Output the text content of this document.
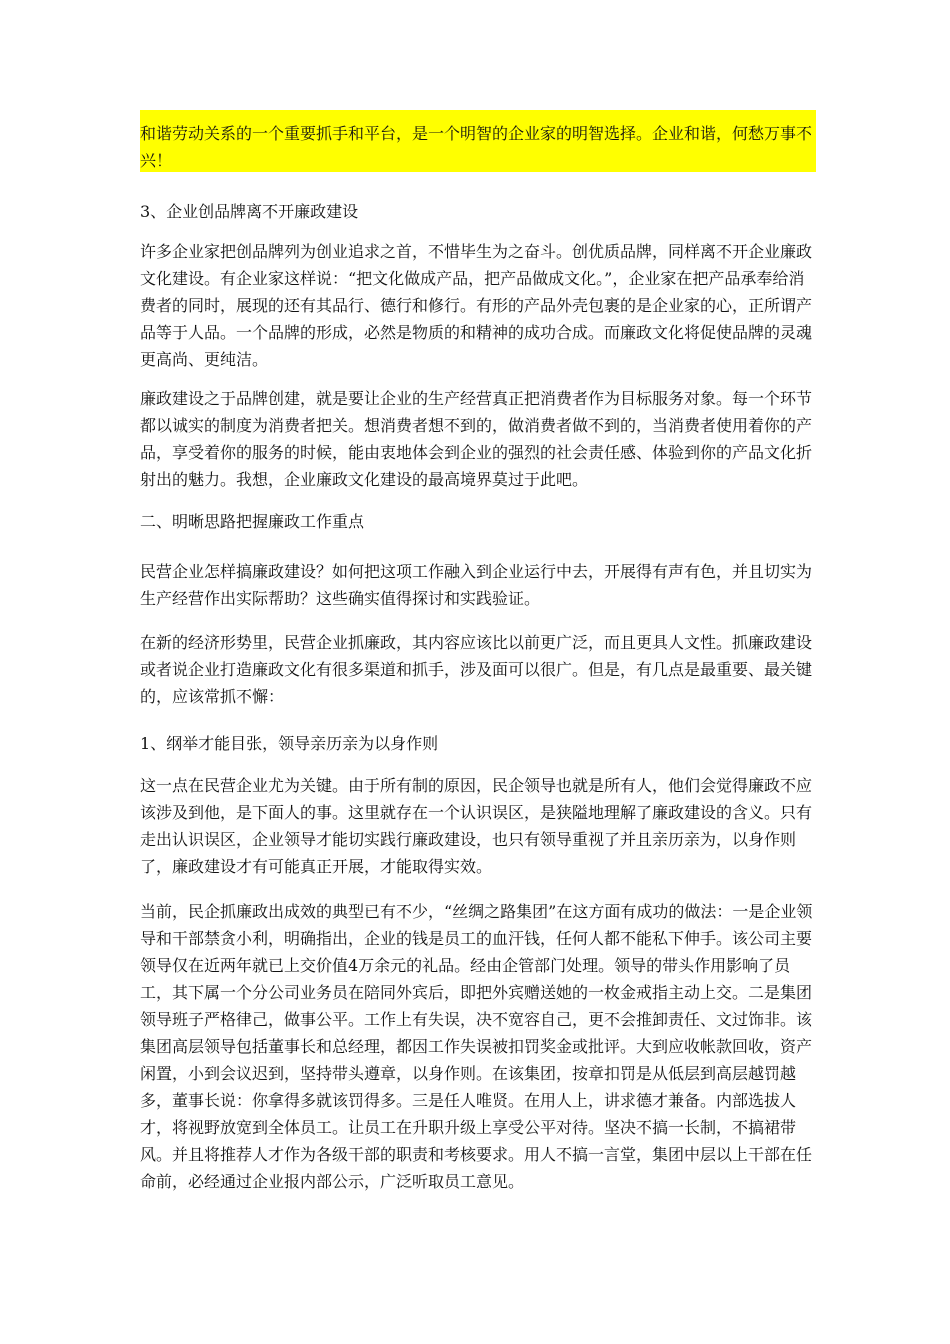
和谐劳动关系的一个重要抓手和平台，是一个明智的企业家的明智选择。企业和谐，何愁万事不兴！

3、企业创品牌离不开廉政建设

许多企业家把创品牌列为创业追求之首，不惜毕生为之奋斗。创优质品牌，同样离不开企业廉政文化建设。有企业家这样说：“把文化做成产品，把产品做成文化。”，企业家在把产品承奉给消费者的同时，展现的还有其品行、德行和修行。有形的产品外壳包裹的是企业家的心，正所谓产品等于人品。一个品牌的形成，必然是物质的和精神的成功合成。而廉政文化将促使品牌的灵魂更高尚、更纯洁。

廉政建设之于品牌创建，就是要让企业的生产经营真正把消费者作为目标服务对象。每一个环节都以诚实的制度为消费者把关。想消费者想不到的，做消费者做不到的，当消费者使用着你的产品，享受着你的服务的时候，能由衷地体会到企业的强烈的社会责任感、体验到你的产品文化折射出的魅力。我想，企业廉政文化建设的最高境界莫过于此吧。

二、明晰思路把握廉政工作重点

民营企业怎样搞廉政建设？如何把这项工作融入到企业运行中去，开展得有声有色，并且切实为生产经营作出实际帮助？这些确实值得探讨和实践验证。

在新的经济形势里，民营企业抓廉政，其内容应该比以前更广泛，而且更具人文性。抓廉政建设或者说企业打造廉政文化有很多渠道和抓手，涉及面可以很广。但是，有几点是最重要、最关键的，应该常抓不懈：

1、纲举才能目张，领导亲历亲为以身作则

这一点在民营企业尤为关键。由于所有制的原因，民企领导也就是所有人，他们会觉得廉政不应该涉及到他，是下面人的事。这里就存在一个认识误区，是狭隘地理解了廉政建设的含义。只有走出认识误区，企业领导才能切实践行廉政建设，也只有领导重视了并且亲历亲为，以身作则了，廉政建设才有可能真正开展，才能取得实效。

当前，民企抓廉政出成效的典型已有不少，“丝绸之路集团”在这方面有成功的做法：一是企业领导和干部禁贪小利，明确指出，企业的钱是员工的血汗钱，任何人都不能私下伸手。该公司主要领导仅在近两年就已上交价值4万余元的礼品。经由企管部门处理。领导的带头作用影响了员工，其下属一个分公司业务员在陪同外宾后，即把外宾赠送她的一枚金戒指主动上交。二是集团领导班子严格律己，做事公平。工作上有失误，决不宽容自己，更不会推卸责任、文过饰非。该集团高层领导包括董事长和总经理，都因工作失误被扣罚奖金或批评。大到应收帐款回收，资产闲置，小到会议迟到，坚持带头遵章，以身作则。在该集团，按章扣罚是从低层到高层越罚越多，董事长说：你拿得多就该罚得多。三是任人唯贤。在用人上，讲求德才兼备。内部选拔人才，将视野放宽到全体员工。让员工在升职升级上享受公平对待。坚决不搞一长制，不搞裙带风。并且将推荐人才作为各级干部的职责和考核要求。用人不搞一言堂，集团中层以上干部在任命前，必经通过企业报内部公示，广泛听取员工意见。
